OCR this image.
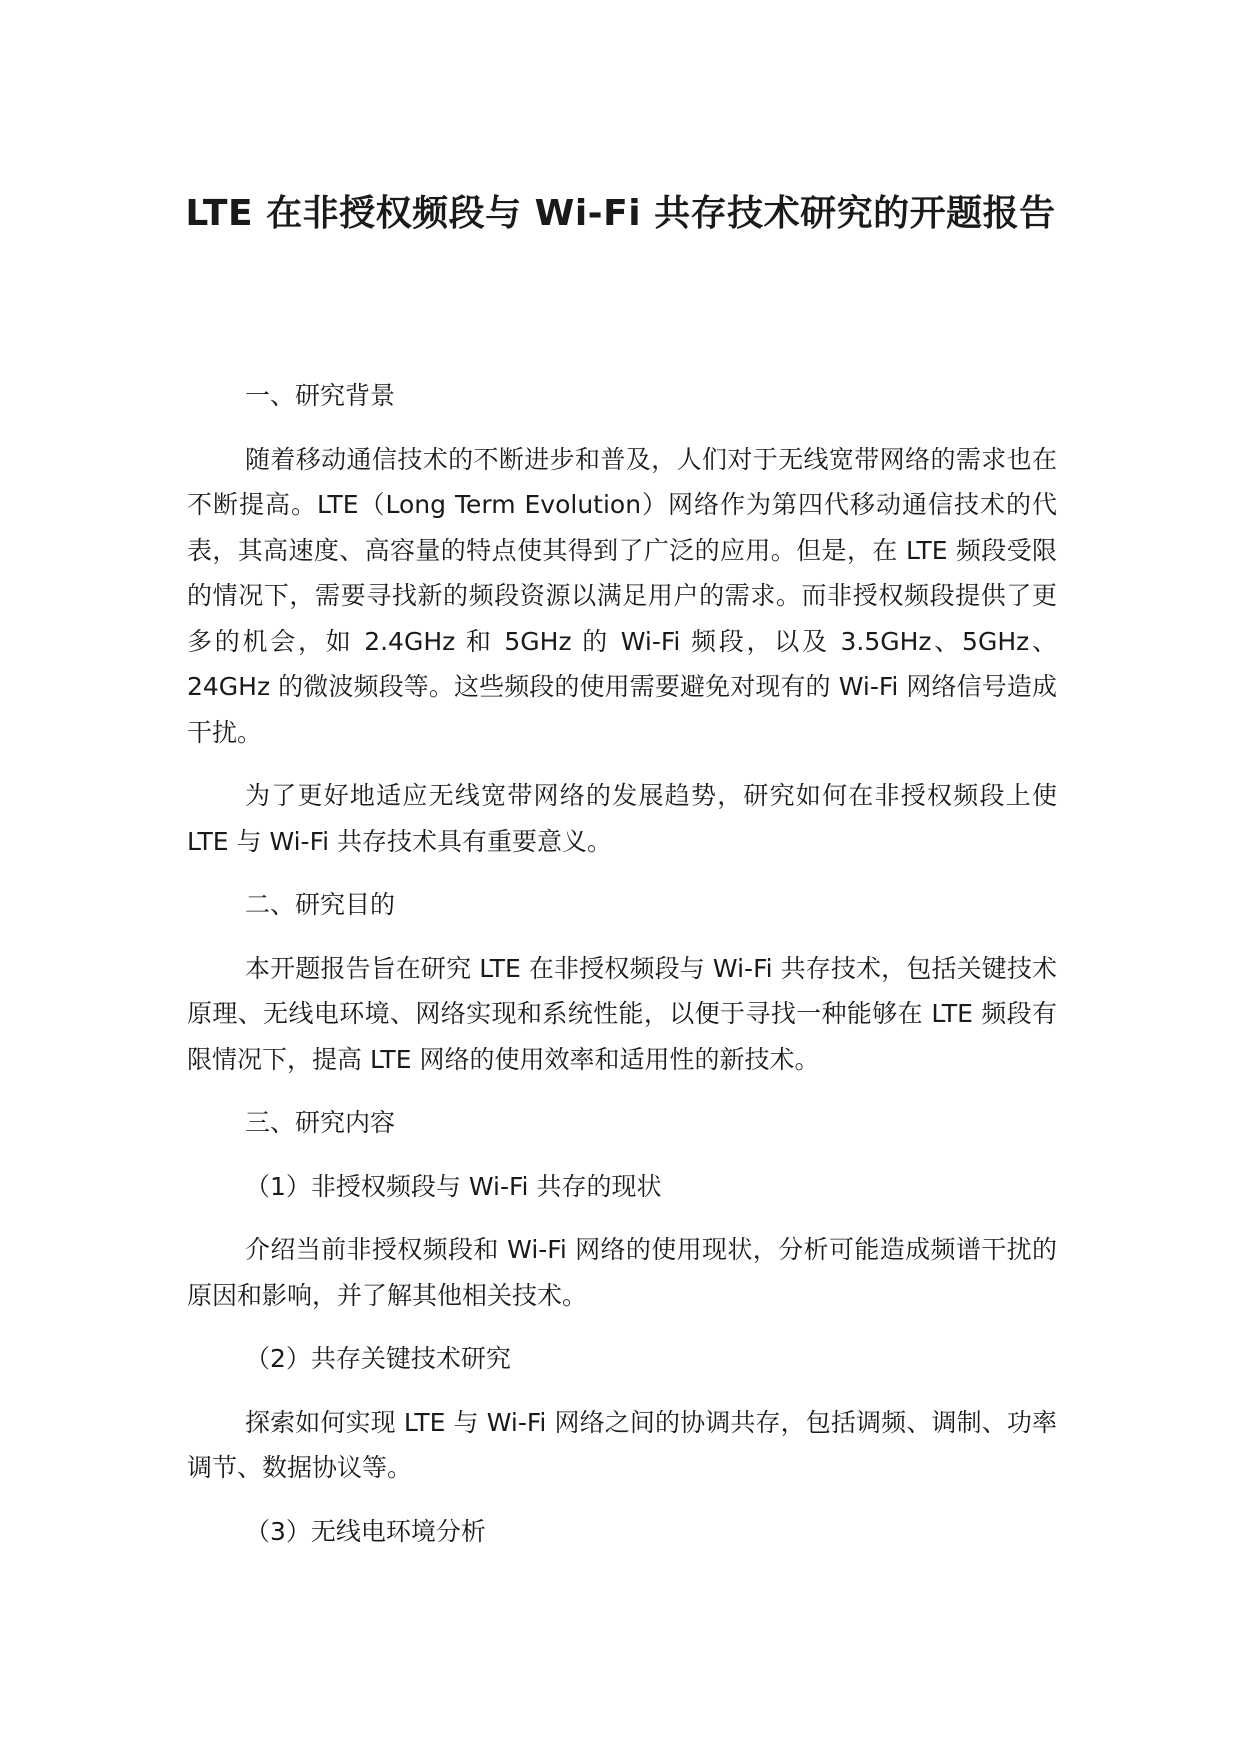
LTE 在非授权频段与 Wi-Fi 共存技术研究的开题报告

一、研究背景

随着移动通信技术的不断进步和普及，人们对于无线宽带网络的需求也在不断提高。LTE（Long Term Evolution）网络作为第四代移动通信技术的代表，其高速度、高容量的特点使其得到了广泛的应用。但是，在 LTE 频段受限的情况下，需要寻找新的频段资源以满足用户的需求。而非授权频段提供了更多的机会，如 2.4GHz 和 5GHz 的 Wi-Fi 频段，以及 3.5GHz、5GHz、24GHz 的微波频段等。这些频段的使用需要避免对现有的 Wi-Fi 网络信号造成干扰。

为了更好地适应无线宽带网络的发展趋势，研究如何在非授权频段上使 LTE 与 Wi-Fi 共存技术具有重要意义。

二、研究目的

本开题报告旨在研究 LTE 在非授权频段与 Wi-Fi 共存技术，包括关键技术原理、无线电环境、网络实现和系统性能，以便于寻找一种能够在 LTE 频段有限情况下，提高 LTE 网络的使用效率和适用性的新技术。

三、研究内容

（1）非授权频段与 Wi-Fi 共存的现状

介绍当前非授权频段和 Wi-Fi 网络的使用现状，分析可能造成频谱干扰的原因和影响，并了解其他相关技术。

（2）共存关键技术研究

探索如何实现 LTE 与 Wi-Fi 网络之间的协调共存，包括调频、调制、功率调节、数据协议等。

（3）无线电环境分析
